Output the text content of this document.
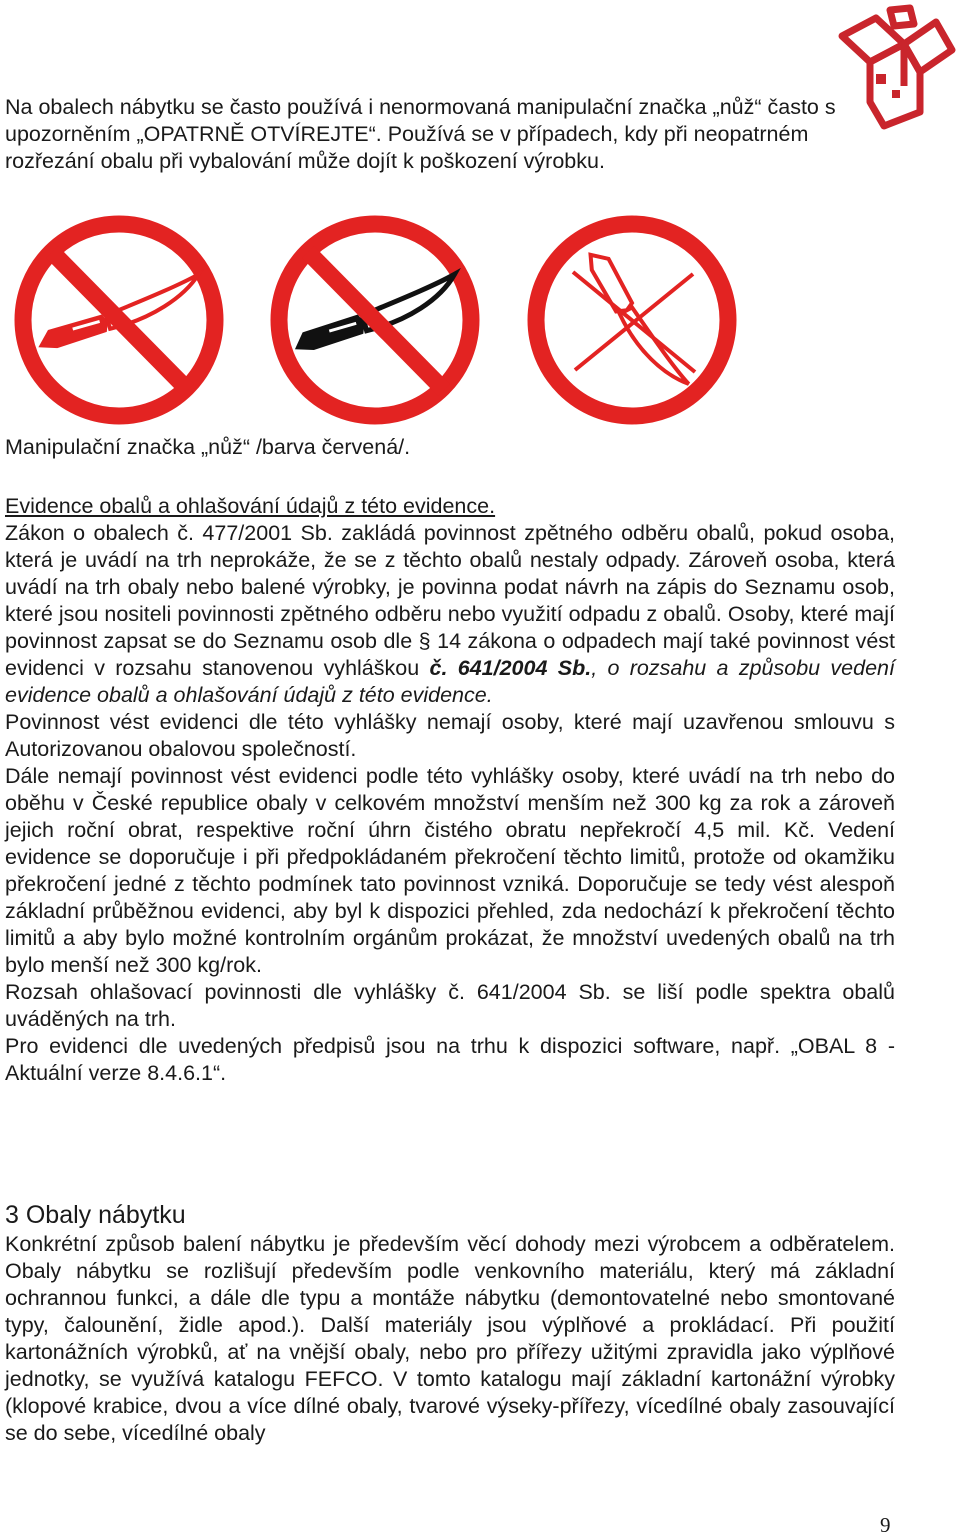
Na obalech nábytku se často používá i nenormovaná manipulační značka „nůž“ často s upozorněním „OPATRNĚ OTVÍREJTE“. Používá se v případech, kdy při neopatrném rozřezání obalu při vybalování může dojít k poškození výrobku.

Manipulační značka „nůž“ /barva červená/.

Evidence obalů a ohlašování údajů z této evidence.

Zákon o obalech č. 477/2001 Sb. zakládá povinnost zpětného odběru obalů, pokud osoba, která je uvádí na trh neprokáže, že se z těchto obalů nestaly odpady. Zároveň osoba, která uvádí na trh obaly nebo balené výrobky, je povinna podat návrh na zápis do Seznamu osob, které jsou nositeli povinnosti zpětného odběru nebo využití odpadu z obalů. Osoby, které mají povinnost zapsat se do Seznamu osob dle § 14 zákona o odpadech mají také povinnost vést evidenci v rozsahu stanovenou vyhláškou č. 641/2004 Sb., o rozsahu a způsobu vedení evidence obalů a ohlašování údajů z této evidence.
Povinnost vést evidenci dle této vyhlášky nemají osoby, které mají uzavřenou smlouvu s Autorizovanou obalovou společností.
Dále nemají povinnost vést evidenci podle této vyhlášky osoby, které uvádí na trh nebo do oběhu v České republice obaly v celkovém množství menším než 300 kg za rok a zároveň jejich roční obrat, respektive roční úhrn čistého obratu nepřekročí 4,5 mil. Kč. Vedení evidence se doporučuje i při předpokládaném překročení těchto limitů, protože od okamžiku překročení jedné z těchto podmínek tato povinnost vzniká. Doporučuje se tedy vést alespoň základní průběžnou evidenci, aby byl k dispozici přehled, zda nedochází k překročení těchto limitů a aby bylo možné kontrolním orgánům prokázat, že množství uvedených obalů na trh bylo menší než 300 kg/rok.
Rozsah ohlašovací povinnosti dle vyhlášky č. 641/2004 Sb. se liší podle spektra obalů uváděných na trh.
Pro evidenci dle uvedených předpisů jsou na trhu k dispozici software, např. „OBAL 8 - Aktuální verze 8.4.6.1“.
3 Obaly nábytku

Konkrétní způsob balení nábytku je především věcí dohody mezi výrobcem a odběratelem. Obaly nábytku se rozlišují především podle venkovního materiálu, který má základní ochrannou funkci, a dále dle typu a montáže nábytku (demontovatelné nebo smontované typy, čalounění, židle apod.). Další materiály jsou výplňové a prokládací. Při použití kartonážních výrobků, ať na vnější obaly, nebo pro přířezy užitými zpravidla jako výplňové jednotky, se využívá katalogu FEFCO. V tomto katalogu mají základní kartonážní výrobky (klopové krabice, dvou a více dílné obaly, tvarové výseky-přířezy, vícedílné obaly zasouvající se do sebe, vícedílné obaly

9
